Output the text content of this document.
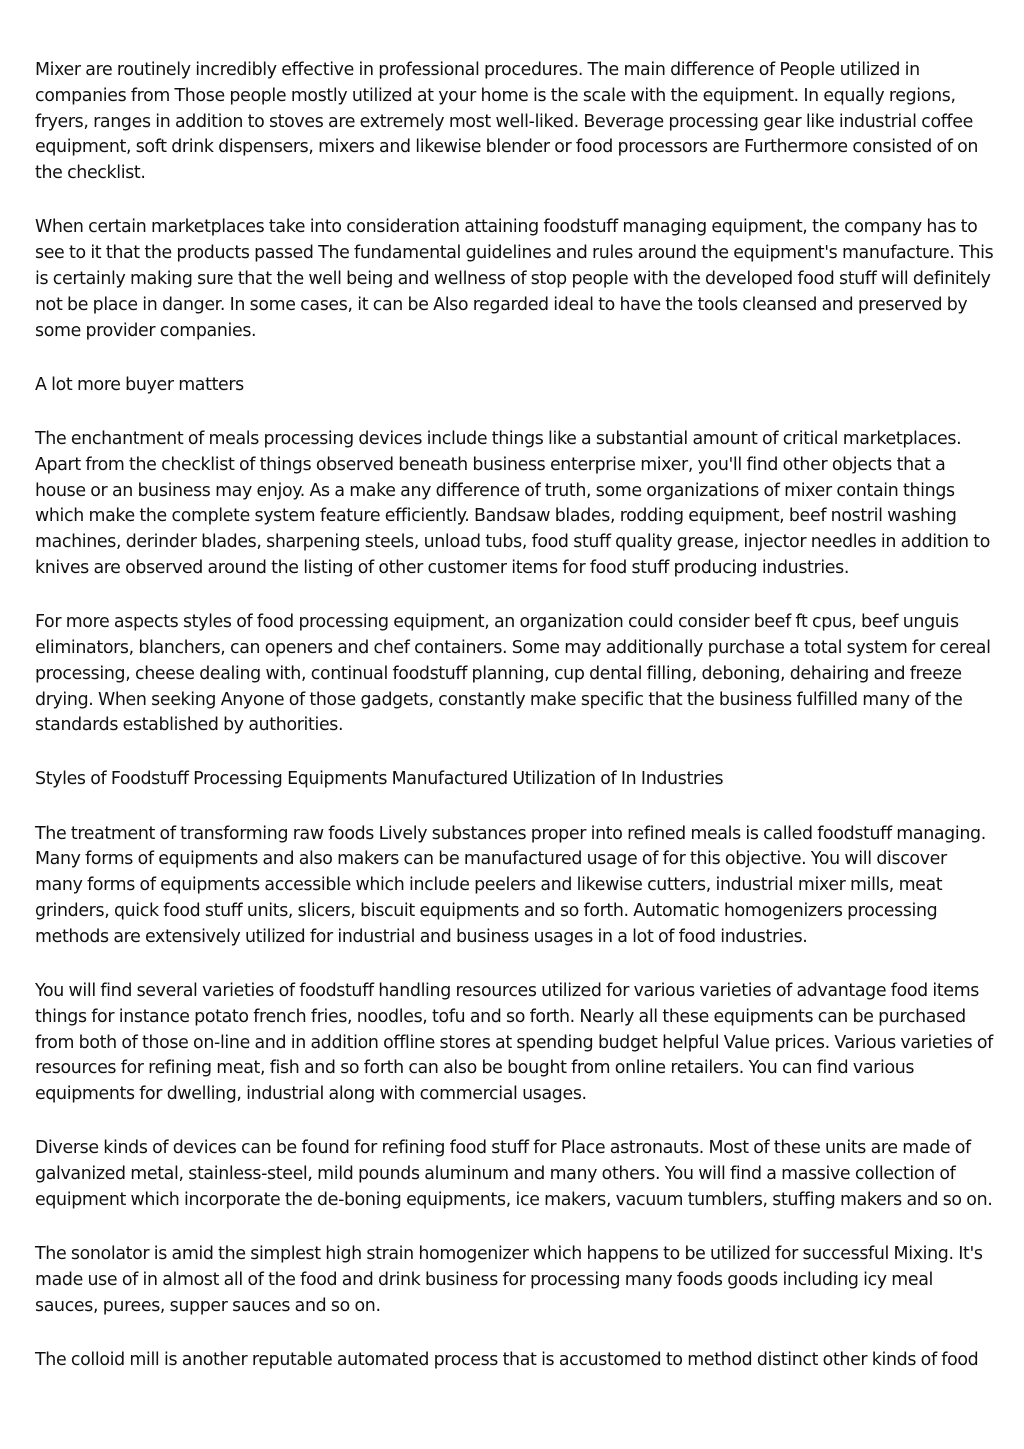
Mixer are routinely incredibly effective in professional procedures. The main difference of People utilized in companies from Those people mostly utilized at your home is the scale with the equipment. In equally regions, fryers, ranges in addition to stoves are extremely most well-liked. Beverage processing gear like industrial coffee equipment, soft drink dispensers, mixers and likewise blender or food processors are Furthermore consisted of on the checklist.

When certain marketplaces take into consideration attaining foodstuff managing equipment, the company has to see to it that the products passed The fundamental guidelines and rules around the equipment's manufacture. This is certainly making sure that the well being and wellness of stop people with the developed food stuff will definitely not be place in danger. In some cases, it can be Also regarded ideal to have the tools cleansed and preserved by some provider companies.

A lot more buyer matters

The enchantment of meals processing devices include things like a substantial amount of critical marketplaces. Apart from the checklist of things observed beneath business enterprise mixer, you'll find other objects that a house or an business may enjoy. As a make any difference of truth, some organizations of mixer contain things which make the complete system feature efficiently. Bandsaw blades, rodding equipment, beef nostril washing machines, derinder blades, sharpening steels, unload tubs, food stuff quality grease, injector needles in addition to knives are observed around the listing of other customer items for food stuff producing industries.

For more aspects styles of food processing equipment, an organization could consider beef ft cpus, beef unguis eliminators, blanchers, can openers and chef containers. Some may additionally purchase a total system for cereal processing, cheese dealing with, continual foodstuff planning, cup dental filling, deboning, dehairing and freeze drying. When seeking Anyone of those gadgets, constantly make specific that the business fulfilled many of the standards established by authorities.

Styles of Foodstuff Processing Equipments Manufactured Utilization of In Industries

The treatment of transforming raw foods Lively substances proper into refined meals is called foodstuff managing. Many forms of equipments and also makers can be manufactured usage of for this objective. You will discover many forms of equipments accessible which include peelers and likewise cutters, industrial mixer mills, meat grinders, quick food stuff units, slicers, biscuit equipments and so forth. Automatic homogenizers processing methods are extensively utilized for industrial and business usages in a lot of food industries.

You will find several varieties of foodstuff handling resources utilized for various varieties of advantage food items things for instance potato french fries, noodles, tofu and so forth. Nearly all these equipments can be purchased from both of those on-line and in addition offline stores at spending budget helpful Value prices. Various varieties of resources for refining meat, fish and so forth can also be bought from online retailers. You can find various equipments for dwelling, industrial along with commercial usages.

Diverse kinds of devices can be found for refining food stuff for Place astronauts. Most of these units are made of galvanized metal, stainless-steel, mild pounds aluminum and many others. You will find a massive collection of equipment which incorporate the de-boning equipments, ice makers, vacuum tumblers, stuffing makers and so on.

The sonolator is amid the simplest high strain homogenizer which happens to be utilized for successful Mixing. It's made use of in almost all of the food and drink business for processing many foods goods including icy meal sauces, purees, supper sauces and so on.

The colloid mill is another reputable automated process that is accustomed to method distinct other kinds of food
